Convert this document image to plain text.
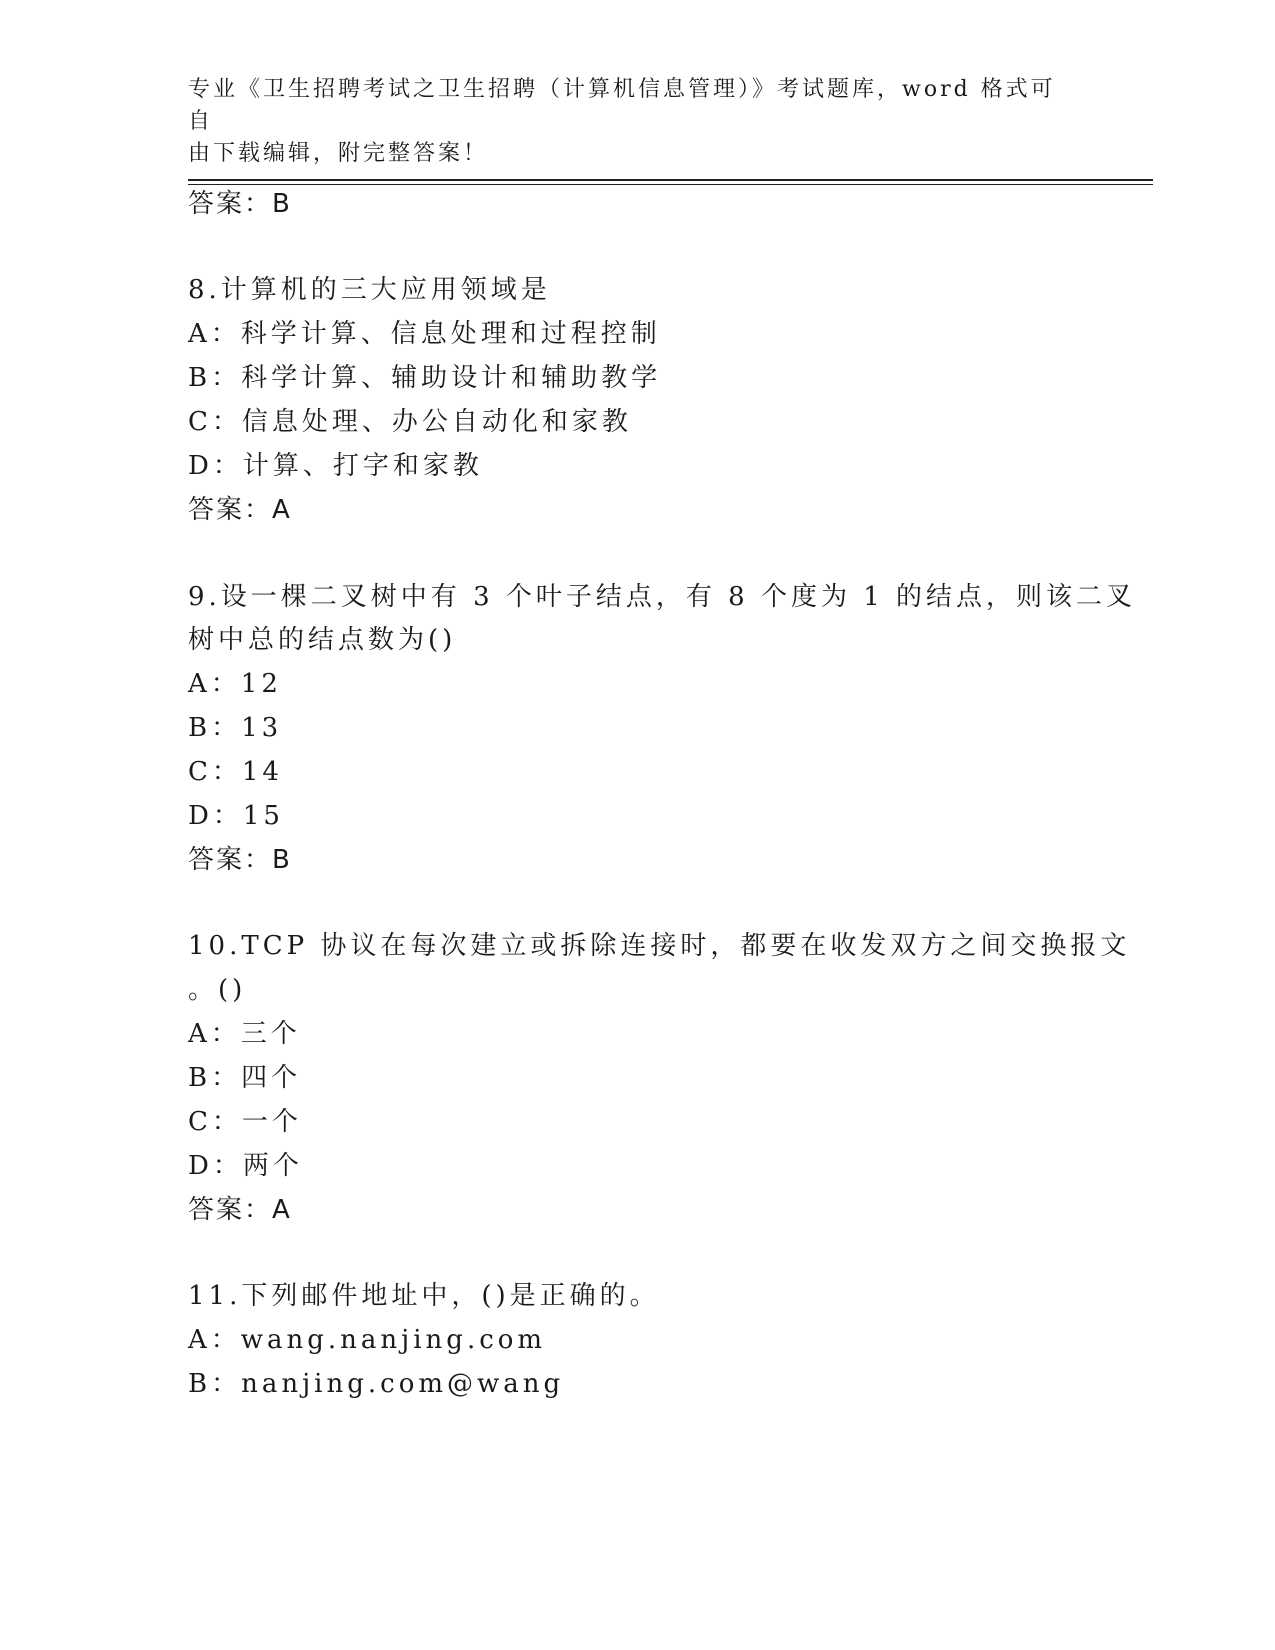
专业《卫生招聘考试之卫生招聘（计算机信息管理）》考试题库，word 格式可自
由下载编辑，附完整答案！
答案：B
8.计算机的三大应用领域是
A：科学计算、信息处理和过程控制
B：科学计算、辅助设计和辅助教学
C：信息处理、办公自动化和家教
D：计算、打字和家教
答案：A
9.设一棵二叉树中有 3 个叶子结点，有 8 个度为 1 的结点，则该二叉
树中总的结点数为()
A：12
B：13
C：14
D：15
答案：B
10.TCP 协议在每次建立或拆除连接时，都要在收发双方之间交换报文
。()
A：三个
B：四个
C：一个
D：两个
答案：A
11.下列邮件地址中，()是正确的。
A：wang.nanjing.com
B：nanjing.com@wang
